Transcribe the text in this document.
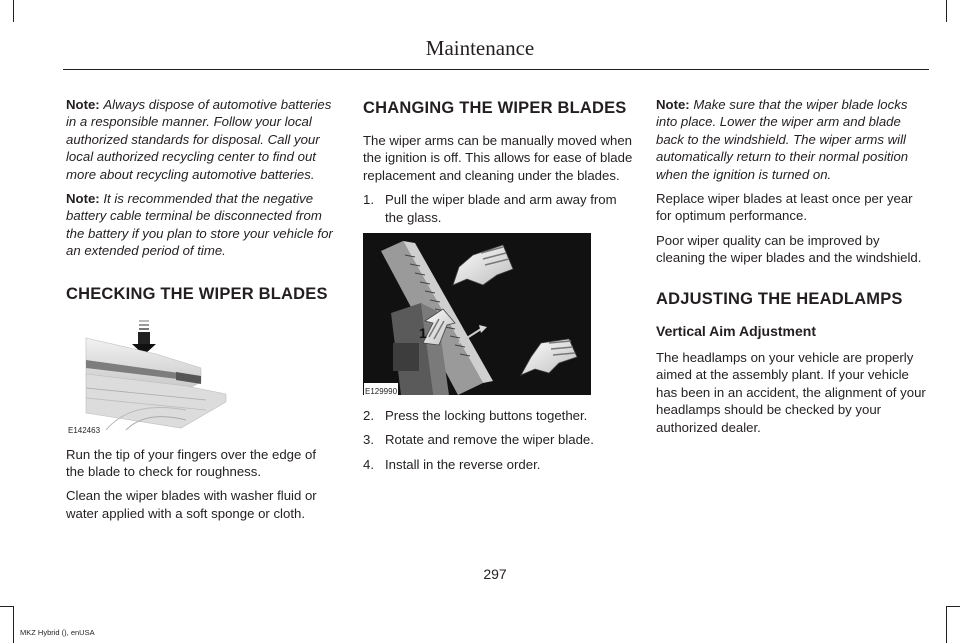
Maintenance

Note: Always dispose of automotive batteries in a responsible manner. Follow your local authorized standards for disposal. Call your local authorized recycling center to find out more about recycling automotive batteries.

Note: It is recommended that the negative battery cable terminal be disconnected from the battery if you plan to store your vehicle for an extended period of time.

CHECKING THE WIPER BLADES
E142463

Run the tip of your fingers over the edge of the blade to check for roughness.

Clean the wiper blades with washer fluid or water applied with a soft sponge or cloth.

CHANGING THE WIPER BLADES

The wiper arms can be manually moved when the ignition is off. This allows for ease of blade replacement and cleaning under the blades.

1. Pull the wiper blade and arm away from the glass.
1
1
2
E129990
2. Press the locking buttons together.
3. Rotate and remove the wiper blade.
4. Install in the reverse order.

Note: Make sure that the wiper blade locks into place. Lower the wiper arm and blade back to the windshield. The wiper arms will automatically return to their normal position when the ignition is turned on.

Replace wiper blades at least once per year for optimum performance.

Poor wiper quality can be improved by cleaning the wiper blades and the windshield.

ADJUSTING THE HEADLAMPS
Vertical Aim Adjustment

The headlamps on your vehicle are properly aimed at the assembly plant. If your vehicle has been in an accident, the alignment of your headlamps should be checked by your authorized dealer.

297
MKZ Hybrid (), enUSA
